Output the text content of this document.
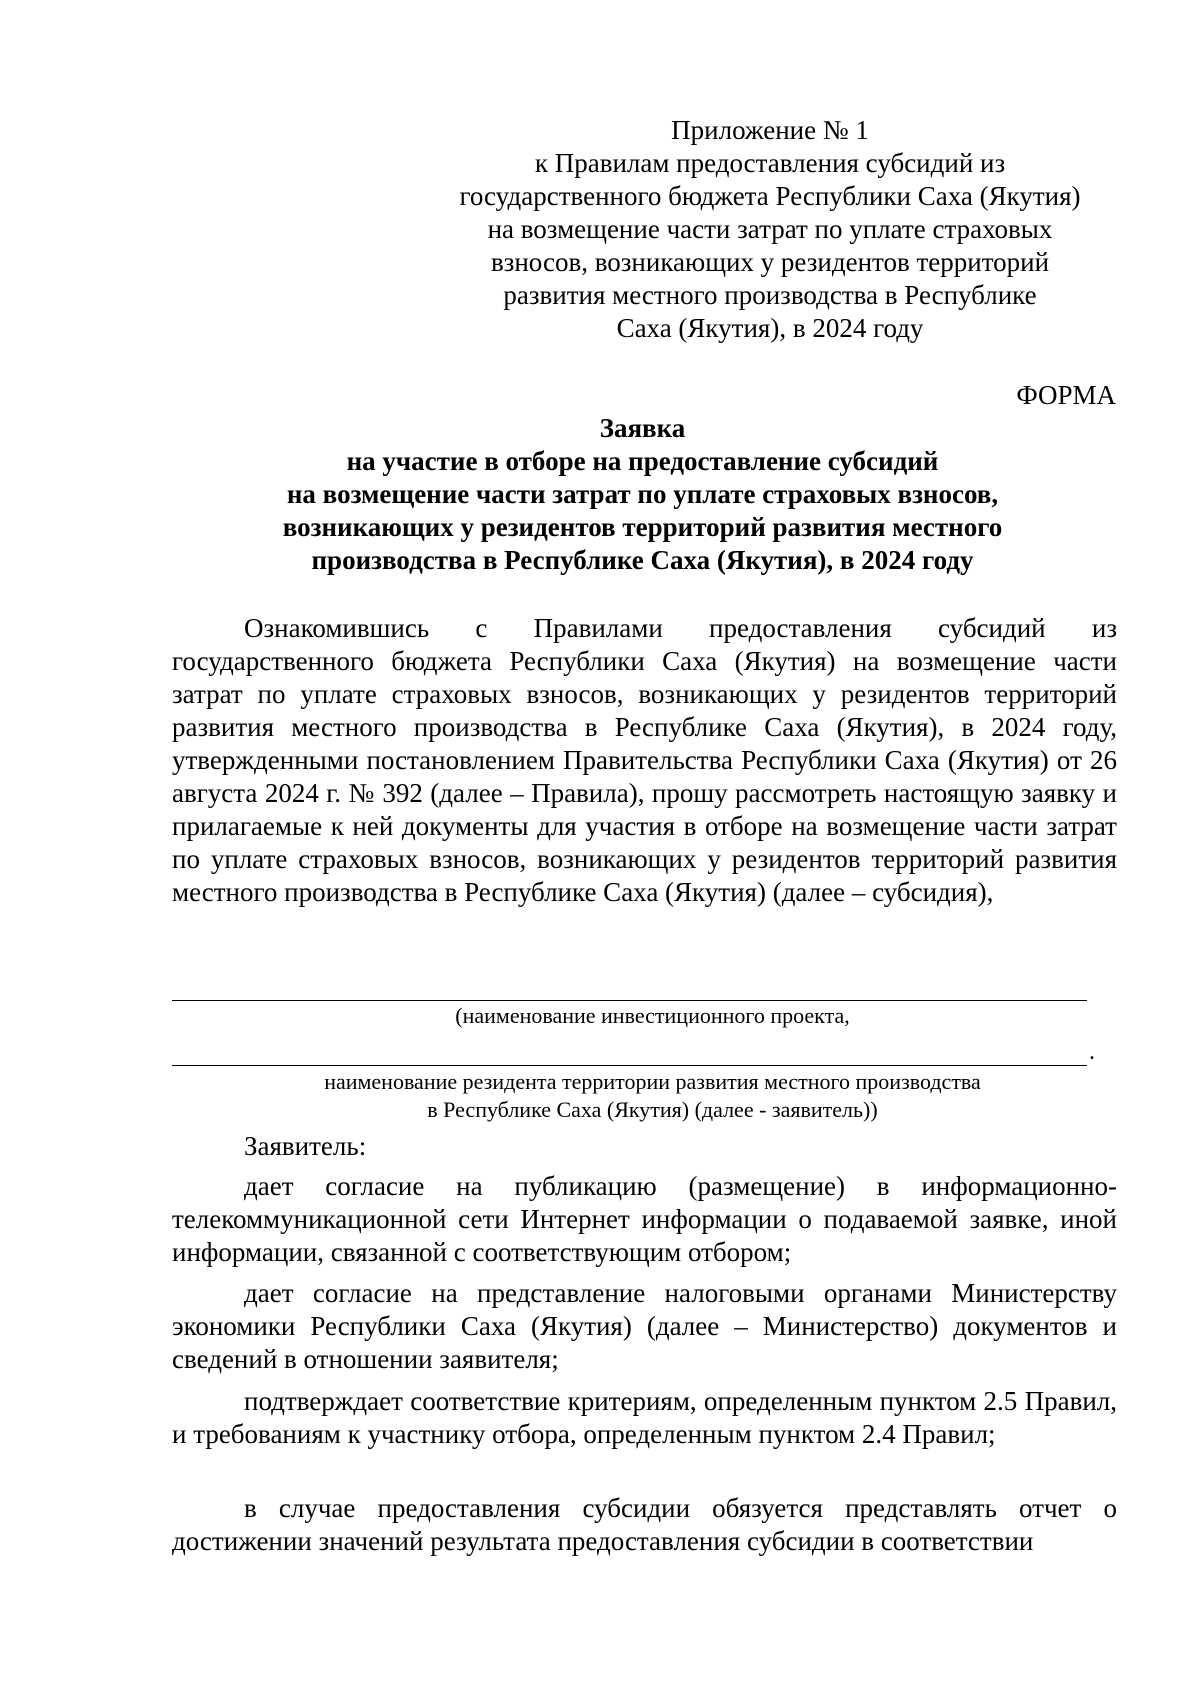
Приложение № 1
к Правилам предоставления субсидий из
государственного бюджета Республики Саха (Якутия)
на возмещение части затрат по уплате страховых
взносов, возникающих у резидентов территорий
развития местного производства в Республике
Саха (Якутия), в 2024 году
ФОРМА
Заявка
на участие в отборе на предоставление субсидий
на возмещение части затрат по уплате страховых взносов,
возникающих у резидентов территорий развития местного
производства в Республике Саха (Якутия), в 2024 году

Ознакомившись с Правилами предоставления субсидий из государственного бюджета Республики Саха (Якутия) на возмещение части затрат по уплате страховых взносов, возникающих у резидентов территорий развития местного производства в Республике Саха (Якутия), в 2024 году, утвержденными постановлением Правительства Республики Саха (Якутия) от 26 августа 2024 г. № 392 (далее – Правила), прошу рассмотреть настоящую заявку и прилагаемые к ней документы для участия в отборе на возмещение части затрат по уплате страховых взносов, возникающих у резидентов территорий развития местного производства в Республике Саха (Якутия) (далее – субсидия),

(наименование инвестиционного проекта,
.
наименование резидента территории развития местного производства
в Республике Саха (Якутия) (далее - заявитель))
Заявитель:

дает согласие на публикацию (размещение) в информационно-телекоммуникационной сети Интернет информации о подаваемой заявке, иной информации, связанной с соответствующим отбором;

дает согласие на представление налоговыми органами Министерству экономики Республики Саха (Якутия) (далее – Министерство) документов и сведений в отношении заявителя;

подтверждает соответствие критериям, определенным пунктом 2.5 Правил, и требованиям к участнику отбора, определенным пунктом 2.4 Правил;

в случае предоставления субсидии обязуется представлять отчет о достижении значений результата предоставления субсидии в соответствии
